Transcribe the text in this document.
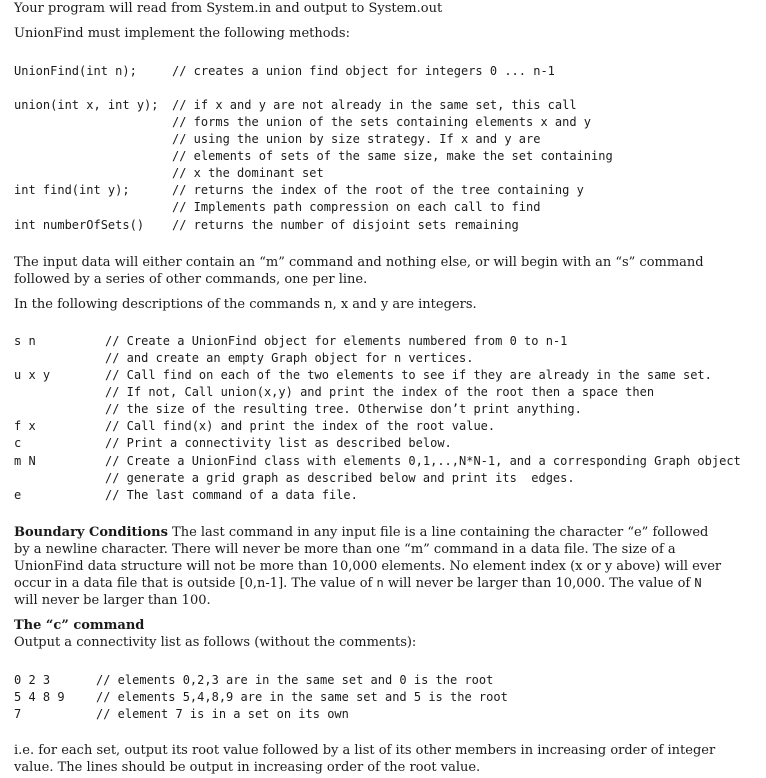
Your program will read from System.in and output to System.out
UnionFind must implement the following methods:
UnionFind(int n);	// creates a union find object for integers 0 ... n-1
union(int x, int y); // if x and y are not already in the same set, this call
// forms the union of the sets containing elements x and y
// using the union by size strategy. If x and y are
// elements of sets of the same size, make the set containing
// x the dominant set
int find(int y);	// returns the index of the root of the tree containing y
// Implements path compression on each call to find
int numberOfSets() // returns the number of disjoint sets remaining
The input data will either contain an “m” command and nothing else, or will begin with an “s” command
followed by a series of other commands, one per line.
In the following descriptions of the commands n, x and y are integers.
s n	// Create a UnionFind object for elements numbered from 0 to n-1
// and create an empty Graph object for n vertices.
u x y	// Call find on each of the two elements to see if they are already in the same set.
// If not, Call union(x,y) and print the index of the root then a space then
// the size of the resulting tree. Otherwise don’t print anything.
f x	// Call find(x) and print the index of the root value.
c	// Print a connectivity list as described below.
m N	// Create a UnionFind class with elements 0,1,..,N*N-1, and a corresponding Graph object
// generate a grid graph as described below and print its  edges.
e	// The last command of a data file.
Boundary Conditions The last command in any input file is a line containing the character “e” followed
by a newline character. There will never be more than one “m” command in a data file. The size of a
UnionFind data structure will not be more than 10,000 elements. No element index (x or y above) will ever
occur in a data file that is outside [0,n-1]. The value of n will never be larger than 10,000. The value of N
will never be larger than 100.
The “c” command
Output a connectivity list as follows (without the comments):
0 2 3	// elements 0,2,3 are in the same set and 0 is the root
5 4 8 9	// elements 5,4,8,9 are in the same set and 5 is the root
7	// element 7 is in a set on its own
i.e. for each set, output its root value followed by a list of its other members in increasing order of integer
value. The lines should be output in increasing order of the root value.
